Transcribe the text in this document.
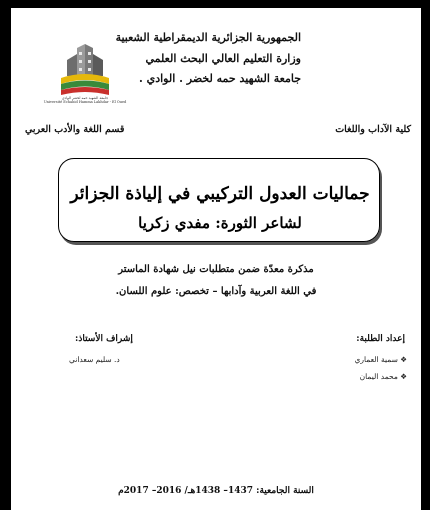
الجمهورية الجزائرية الديمقراطية الشعبية
وزارة التعليم العالي البحث العلمي
جامعة الشهيد حمه لخضر . الوادي .
جامعة الشهيد حمه لخضر الوادي
Université Echahid Hamma Lakhdar - El Oued
كلية الآداب واللغات
قسم اللغة والأدب العربي
جماليات العدول التركيبي في إلياذة الجزائر
لشاعر الثورة: مفدي زكريا
مذكرة معدّة ضمن متطلبات نيل شهادة الماستر
في اللغة العربية وآدابها – تخصص: علوم اللسان.
إعداد الطلبة:
❖ سمية العماري
❖ محمد اليمان
إشراف الأستاذ:
د. سليم سعداني
السنة الجامعية: 1437– 1438هـ/ 2016– 2017م
